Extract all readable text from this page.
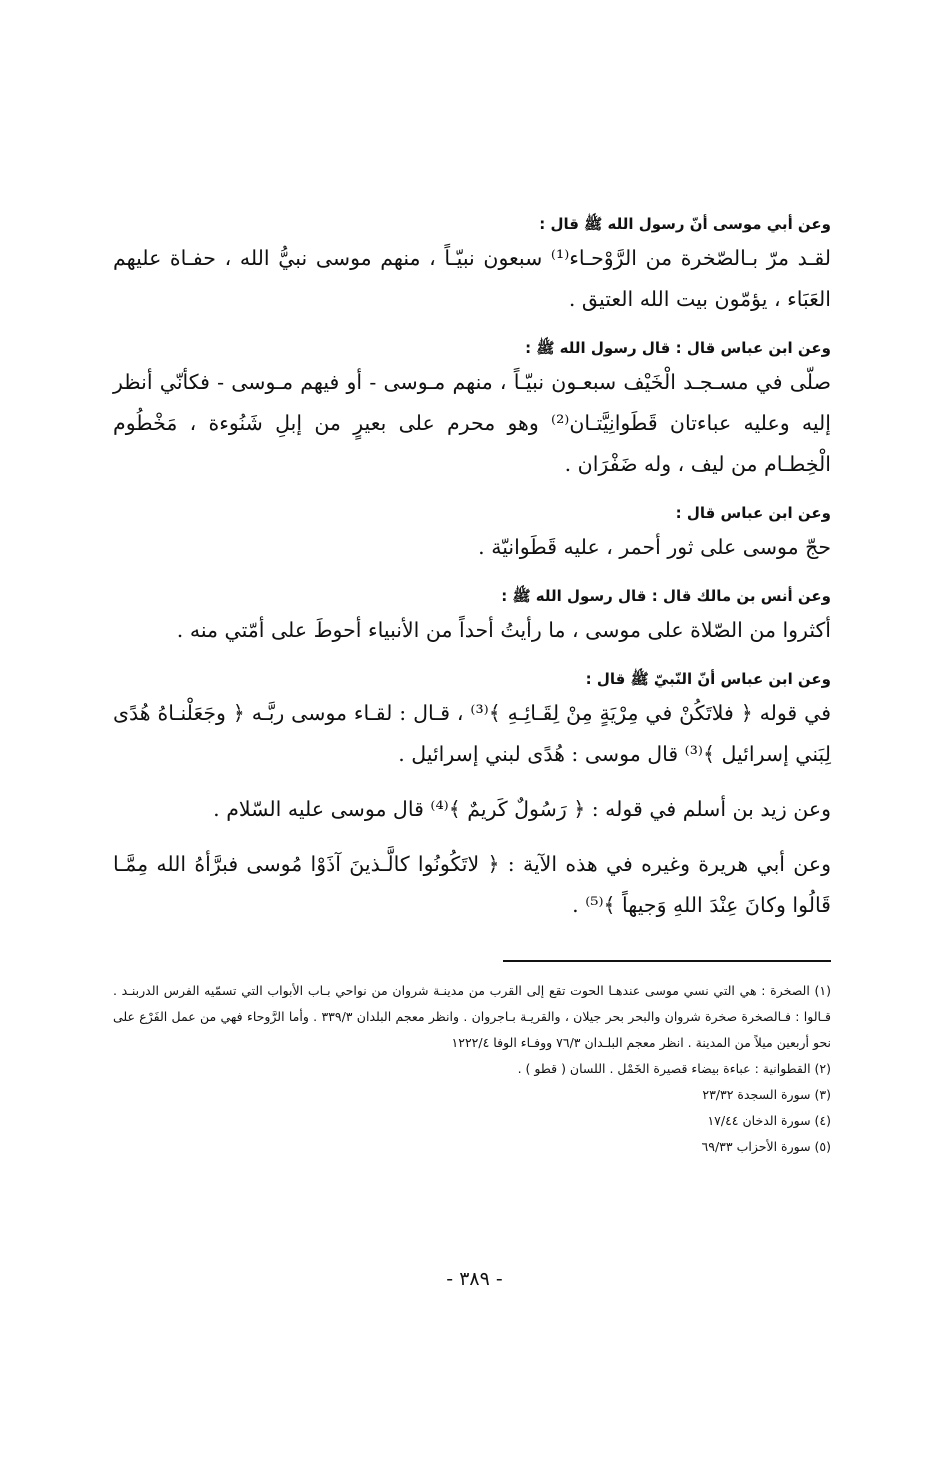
وعن أبي موسى أنّ رسول الله ﷺ قال :

لقـد مرّ بـالصّخرة من الرَّوْحـاء⁽¹⁾ سبعون نبيّـاً ، منهم موسى نبيُّ الله ، حفـاة عليهم العَبَاء ، يؤمّون بيت الله العتيق .

وعن ابن عباس قال : قال رسول الله ﷺ :

صلّى في مسـجـد الْخَيْف سبعـون نبيّـاً ، منهم مـوسى - أو فيهم مـوسى - فكأنّي أنظر إليه وعليه عباءتان قَطَوانِيَّتـان⁽²⁾ وهو محرم على بعيرٍ من إبلِ شَنُوءة ، مَخْطُوم الْخِطـام من ليف ، وله ضَفْرَان .

وعن ابن عباس قال :

حجّ موسى على ثور أحمر ، عليه قَطَوانيّة .

وعن أنس بن مالك قال : قال رسول الله ﷺ :

أكثروا من الصّلاة على موسى ، ما رأيتُ أحداً من الأنبياء أحوطَ على أمّتي منه .

وعن ابن عباس أنّ النّبيّ ﷺ قال :

في قوله ﴿ فلاتَكُنْ في مِرْيَةٍ مِنْ لِقَـائِـهِ ﴾⁽³⁾ ، قـال : لقـاء موسى ربَّـه ﴿ وجَعَلْنـاهُ هُدًى لِبَني إسرائيل ﴾⁽³⁾ قال موسى : هُدًى لبني إسرائيل .

وعن زيد بن أسلم في قوله : ﴿ رَسُولٌ كَريمٌ ﴾⁽⁴⁾ قال موسى عليه السّلام .

وعن أبي هريرة وغيره في هذه الآية : ﴿ لاتَكُونُوا كالَّـذينَ آذَوْا مُوسى فبرَّأهُ الله مِمَّـا قَالُوا وكانَ عِنْدَ اللهِ وَجيهاً ﴾⁽⁵⁾ .

(١) الصخرة : هي التي نسي موسى عندهـا الحوت تقع إلى القرب من مدينـة شروان من نواحي بـاب الأبواب التي تسمّيه الفرس الدربنـد . قـالوا : فـالصخرة صخرة شروان والبحر بحر جيلان ، والقريـة بـاجروان . وانظر معجم البلدان ٣٣٩/٣ . وأما الرَّوحاء فهي من عمل الفَرْع على نحو أربعين ميلاً من المدينة . انظر معجم البلـدان ٧٦/٣ ووفـاء الوفا ١٢٢٢/٤

(٢) القطوانية : عباءة بيضاء قصيرة الخَمْل . اللسان ( قطو ) .

(٣) سورة السجدة ٢٣/٣٢

(٤) سورة الدخان ١٧/٤٤

(٥) سورة الأحزاب ٦٩/٣٣

- ٣٨٩ -
